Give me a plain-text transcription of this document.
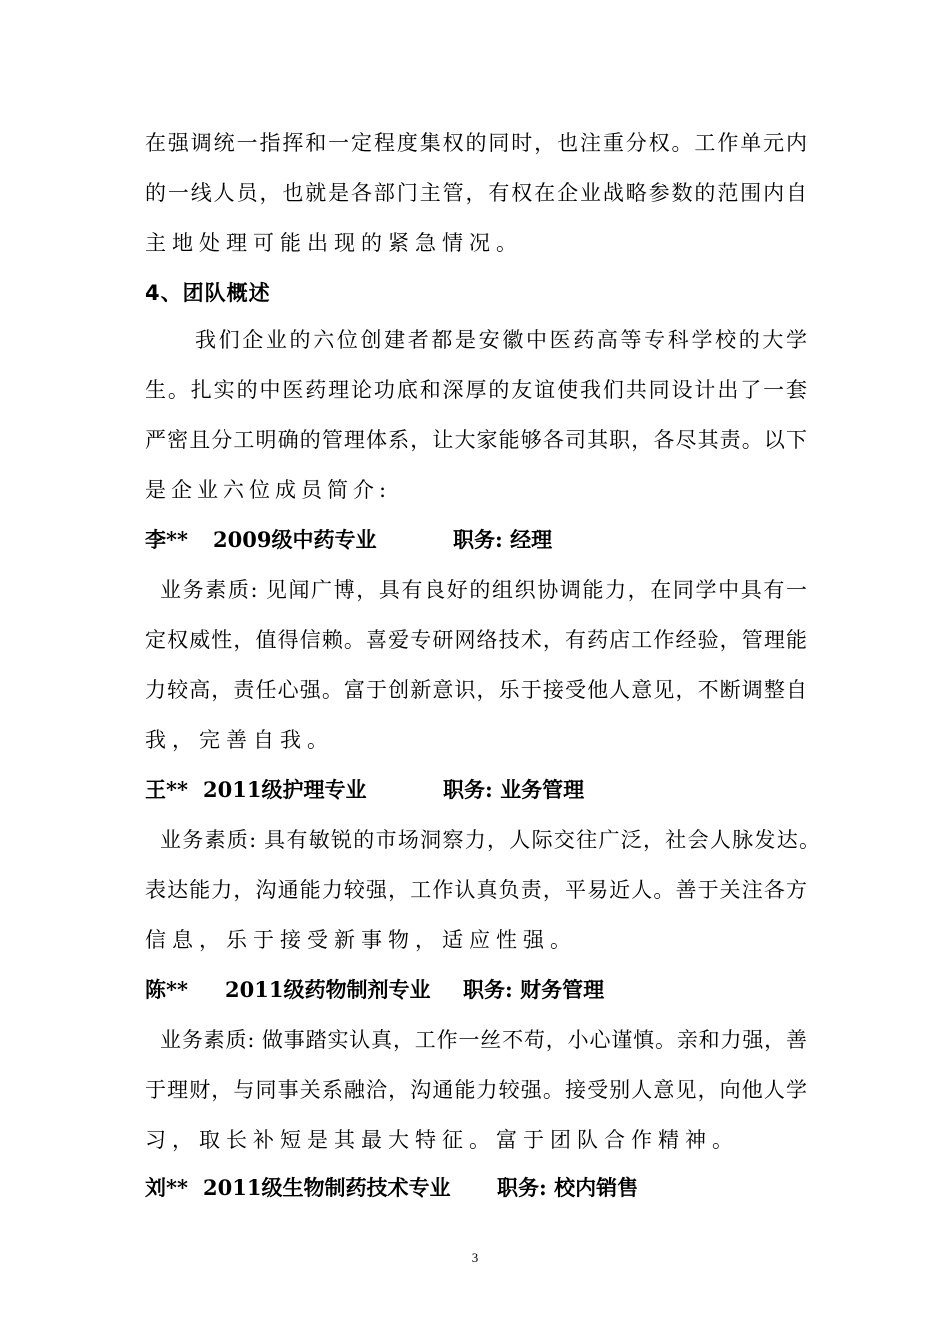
在强调统一指挥和一定程度集权的同时，也注重分权。工作单元内
的一线人员，也就是各部门主管，有权在企业战略参数的范围内自
主地处理可能出现的紧急情况。
4、团队概述
我们企业的六位创建者都是安徽中医药高等专科学校的大学
生。扎实的中医药理论功底和深厚的友谊使我们共同设计出了一套
严密且分工明确的管理体系，让大家能够各司其职，各尽其责。以下
是企业六位成员简介:
李** 2009级中药专业	职务: 经理
业务素质: 见闻广博，具有良好的组织协调能力，在同学中具有一
定权威性，值得信赖。喜爱专研网络技术，有药店工作经验，管理能
力较高，责任心强。富于创新意识，乐于接受他人意见，不断调整自
我，完善自我。
王** 2011级护理专业	职务: 业务管理
业务素质: 具有敏锐的市场洞察力，人际交往广泛，社会人脉发达。
表达能力，沟通能力较强，工作认真负责，平易近人。善于关注各方
信息，乐于接受新事物，适应性强。
陈** 2011级药物制剂专业 职务: 财务管理
业务素质: 做事踏实认真，工作一丝不苟，小心谨慎。亲和力强，善
于理财，与同事关系融洽，沟通能力较强。接受别人意见，向他人学
习，取长补短是其最大特征。富于团队合作精神。
刘** 2011级生物制药技术专业 职务: 校内销售
3
